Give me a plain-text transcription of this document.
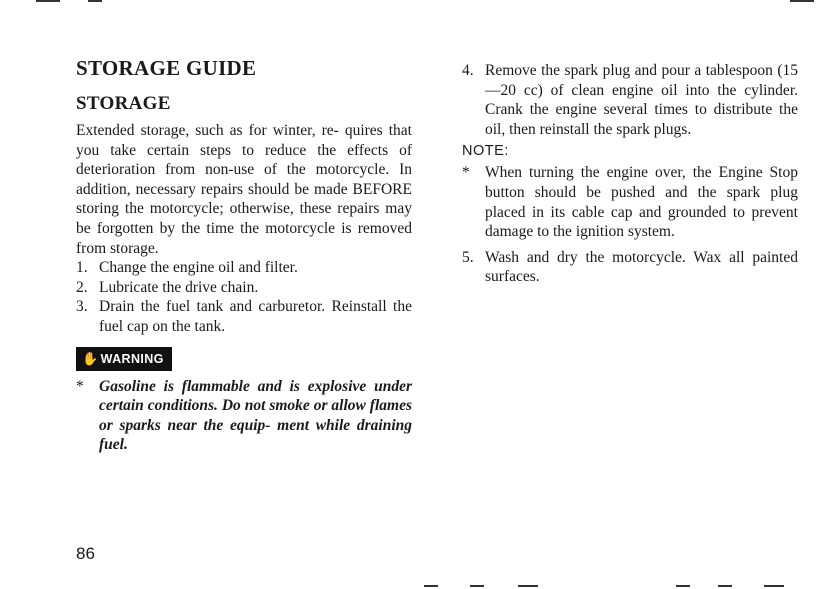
STORAGE GUIDE
STORAGE

Extended storage, such as for winter, re- quires that you take certain steps to reduce the effects of deterioration from non-use of the motorcycle. In addition, necessary repairs should be made BEFORE storing the motorcycle; otherwise, these repairs may be forgotten by the time the motorcycle is removed from storage.

1. Change the engine oil and filter.
2. Lubricate the drive chain.
3. Drain the fuel tank and carburetor. Reinstall the fuel cap on the tank.
✋ WARNING
* Gasoline is flammable and is explosive under certain conditions. Do not smoke or allow flames or sparks near the equip- ment while draining fuel.
4. Remove the spark plug and pour a tablespoon (15—20 cc) of clean engine oil into the cylinder. Crank the engine several times to distribute the oil, then reinstall the spark plugs.
NOTE:
* When turning the engine over, the Engine Stop button should be pushed and the spark plug placed in its cable cap and grounded to prevent damage to the ignition system.
5. Wash and dry the motorcycle. Wax all painted surfaces.
86
